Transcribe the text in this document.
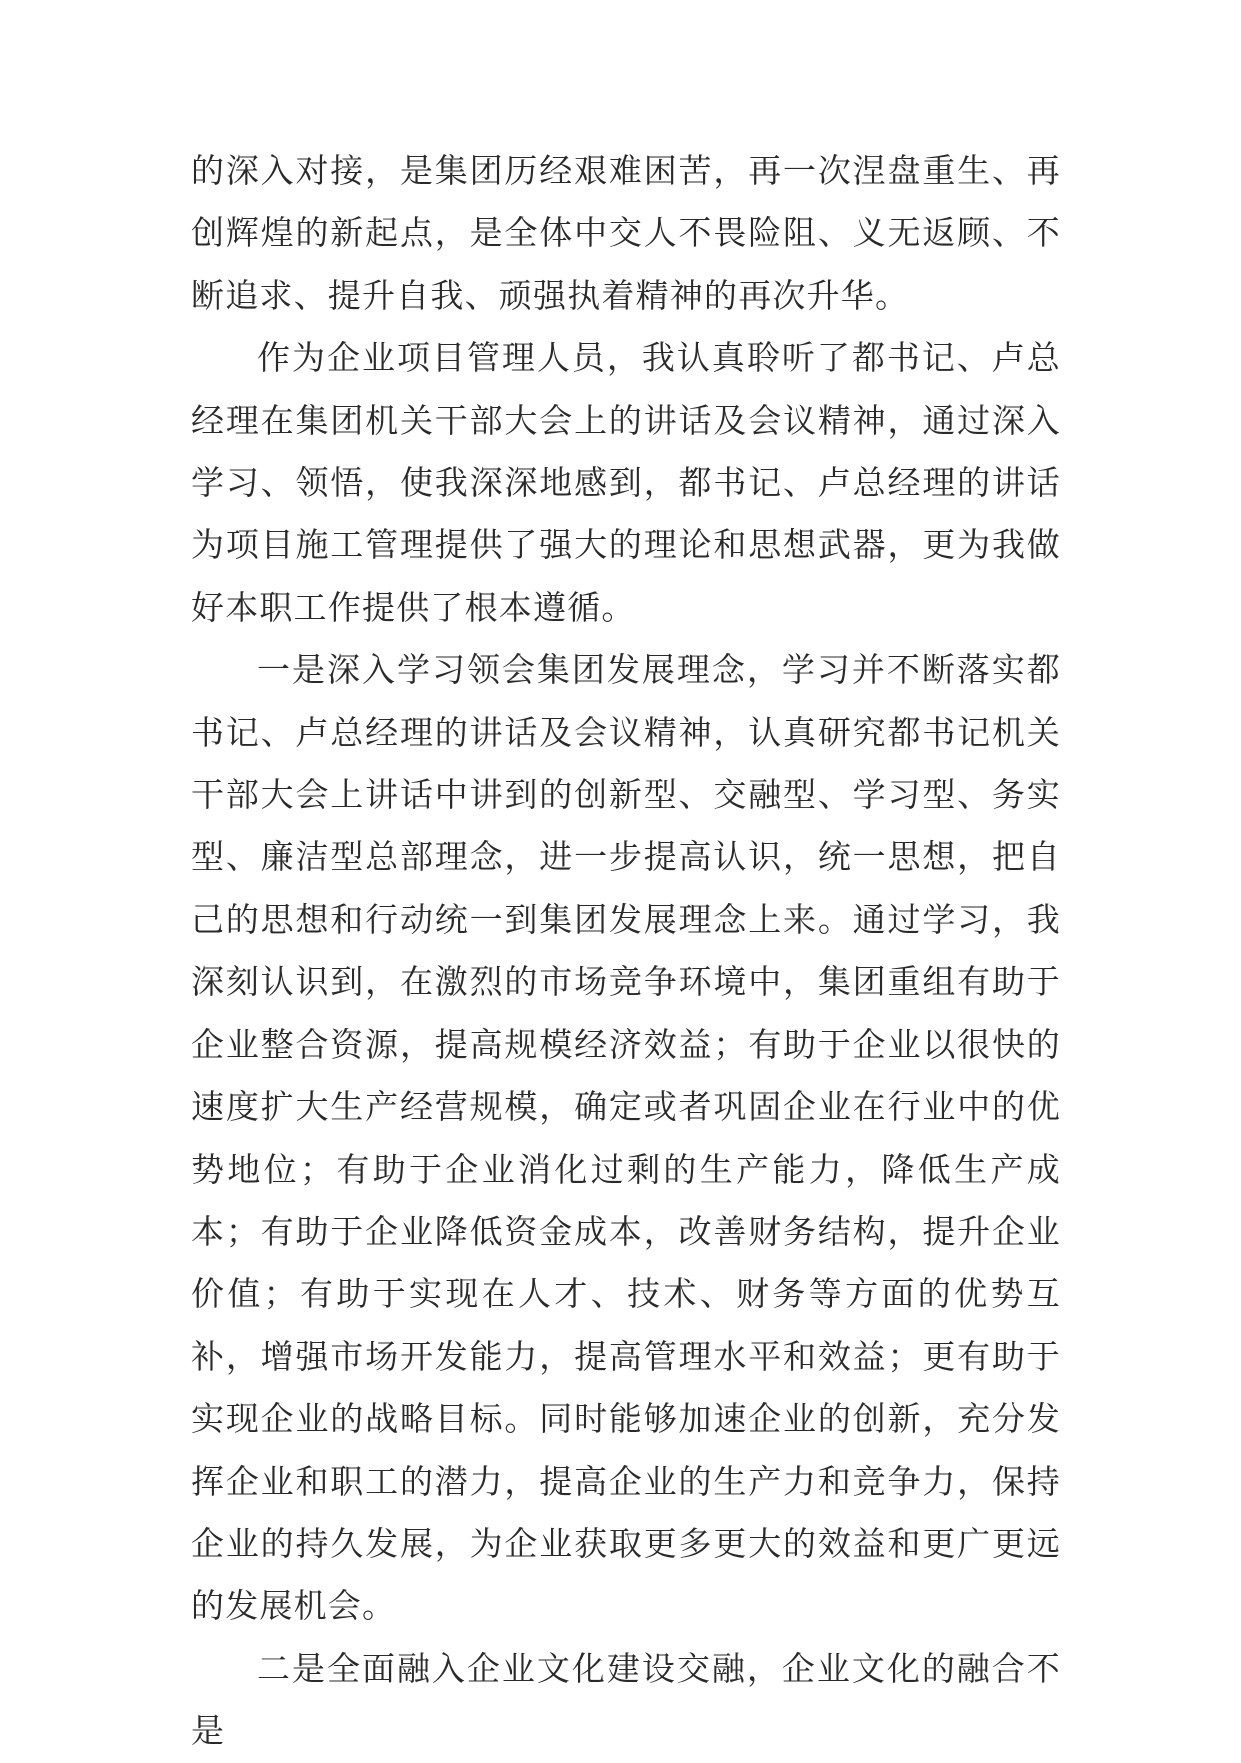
的深入对接，是集团历经艰难困苦，再一次涅盘重生、再创辉煌的新起点，是全体中交人不畏险阻、义无返顾、不断追求、提升自我、顽强执着精神的再次升华。

作为企业项目管理人员，我认真聆听了都书记、卢总经理在集团机关干部大会上的讲话及会议精神，通过深入学习、领悟，使我深深地感到，都书记、卢总经理的讲话为项目施工管理提供了强大的理论和思想武器，更为我做好本职工作提供了根本遵循。

一是深入学习领会集团发展理念，学习并不断落实都书记、卢总经理的讲话及会议精神，认真研究都书记机关干部大会上讲话中讲到的创新型、交融型、学习型、务实型、廉洁型总部理念，进一步提高认识，统一思想，把自己的思想和行动统一到集团发展理念上来。通过学习，我深刻认识到，在激烈的市场竞争环境中，集团重组有助于企业整合资源，提高规模经济效益；有助于企业以很快的速度扩大生产经营规模，确定或者巩固企业在行业中的优势地位；有助于企业消化过剩的生产能力，降低生产成本；有助于企业降低资金成本，改善财务结构，提升企业价值；有助于实现在人才、技术、财务等方面的优势互补，增强市场开发能力，提高管理水平和效益；更有助于实现企业的战略目标。同时能够加速企业的创新，充分发挥企业和职工的潜力，提高企业的生产力和竞争力，保持企业的持久发展，为企业获取更多更大的效益和更广更远的发展机会。

二是全面融入企业文化建设交融，企业文化的融合不是
